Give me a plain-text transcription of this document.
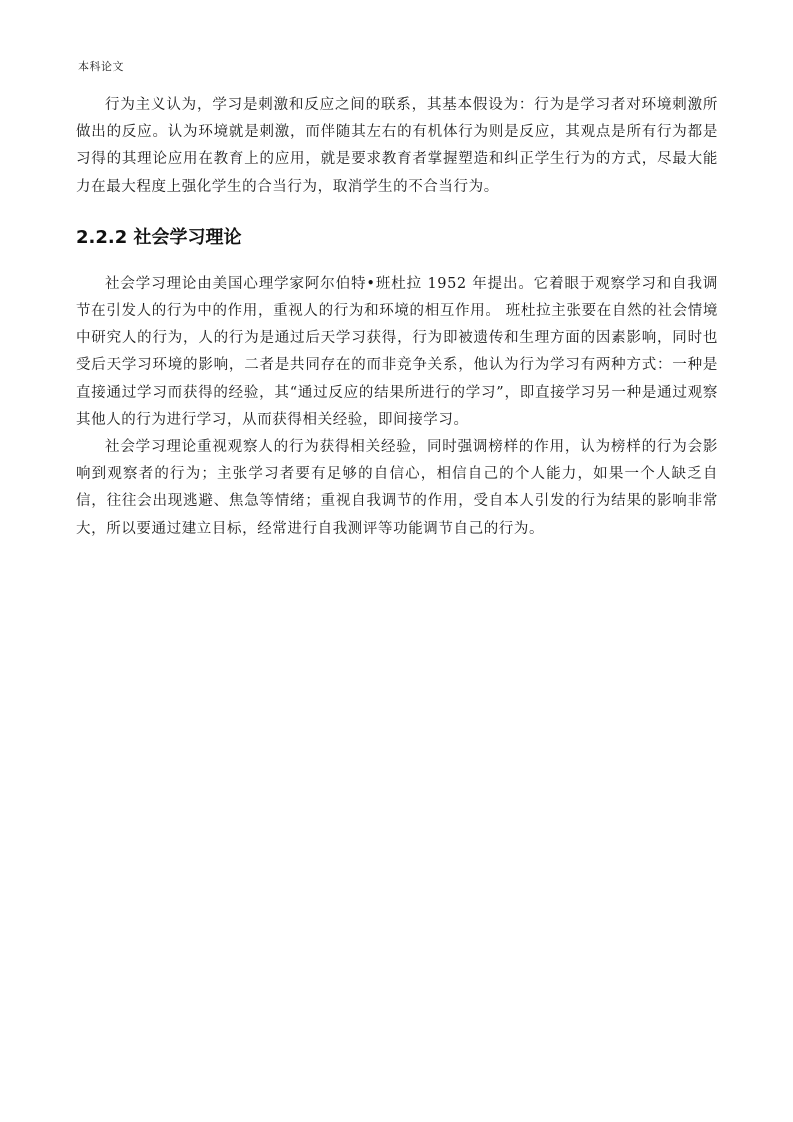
本科论文

行为主义认为，学习是刺激和反应之间的联系，其基本假设为：行为是学习者对环境刺激所做出的反应。认为环境就是刺激，而伴随其左右的有机体行为则是反应，其观点是所有行为都是习得的其理论应用在教育上的应用，就是要求教育者掌握塑造和纠正学生行为的方式，尽最大能力在最大程度上强化学生的合当行为，取消学生的不合当行为。

2.2.2 社会学习理论

社会学习理论由美国心理学家阿尔伯特•班杜拉 1952 年提出。它着眼于观察学习和自我调节在引发人的行为中的作用，重视人的行为和环境的相互作用。 班杜拉主张要在自然的社会情境中研究人的行为，人的行为是通过后天学习获得，行为即被遗传和生理方面的因素影响，同时也受后天学习环境的影响，二者是共同存在的而非竞争关系，他认为行为学习有两种方式：一种是直接通过学习而获得的经验，其“通过反应的结果所进行的学习”，即直接学习另一种是通过观察其他人的行为进行学习，从而获得相关经验，即间接学习。

社会学习理论重视观察人的行为获得相关经验，同时强调榜样的作用，认为榜样的行为会影响到观察者的行为；主张学习者要有足够的自信心，相信自己的个人能力，如果一个人缺乏自信，往往会出现逃避、焦急等情绪；重视自我调节的作用，受自本人引发的行为结果的影响非常大，所以要通过建立目标，经常进行自我测评等功能调节自己的行为。
